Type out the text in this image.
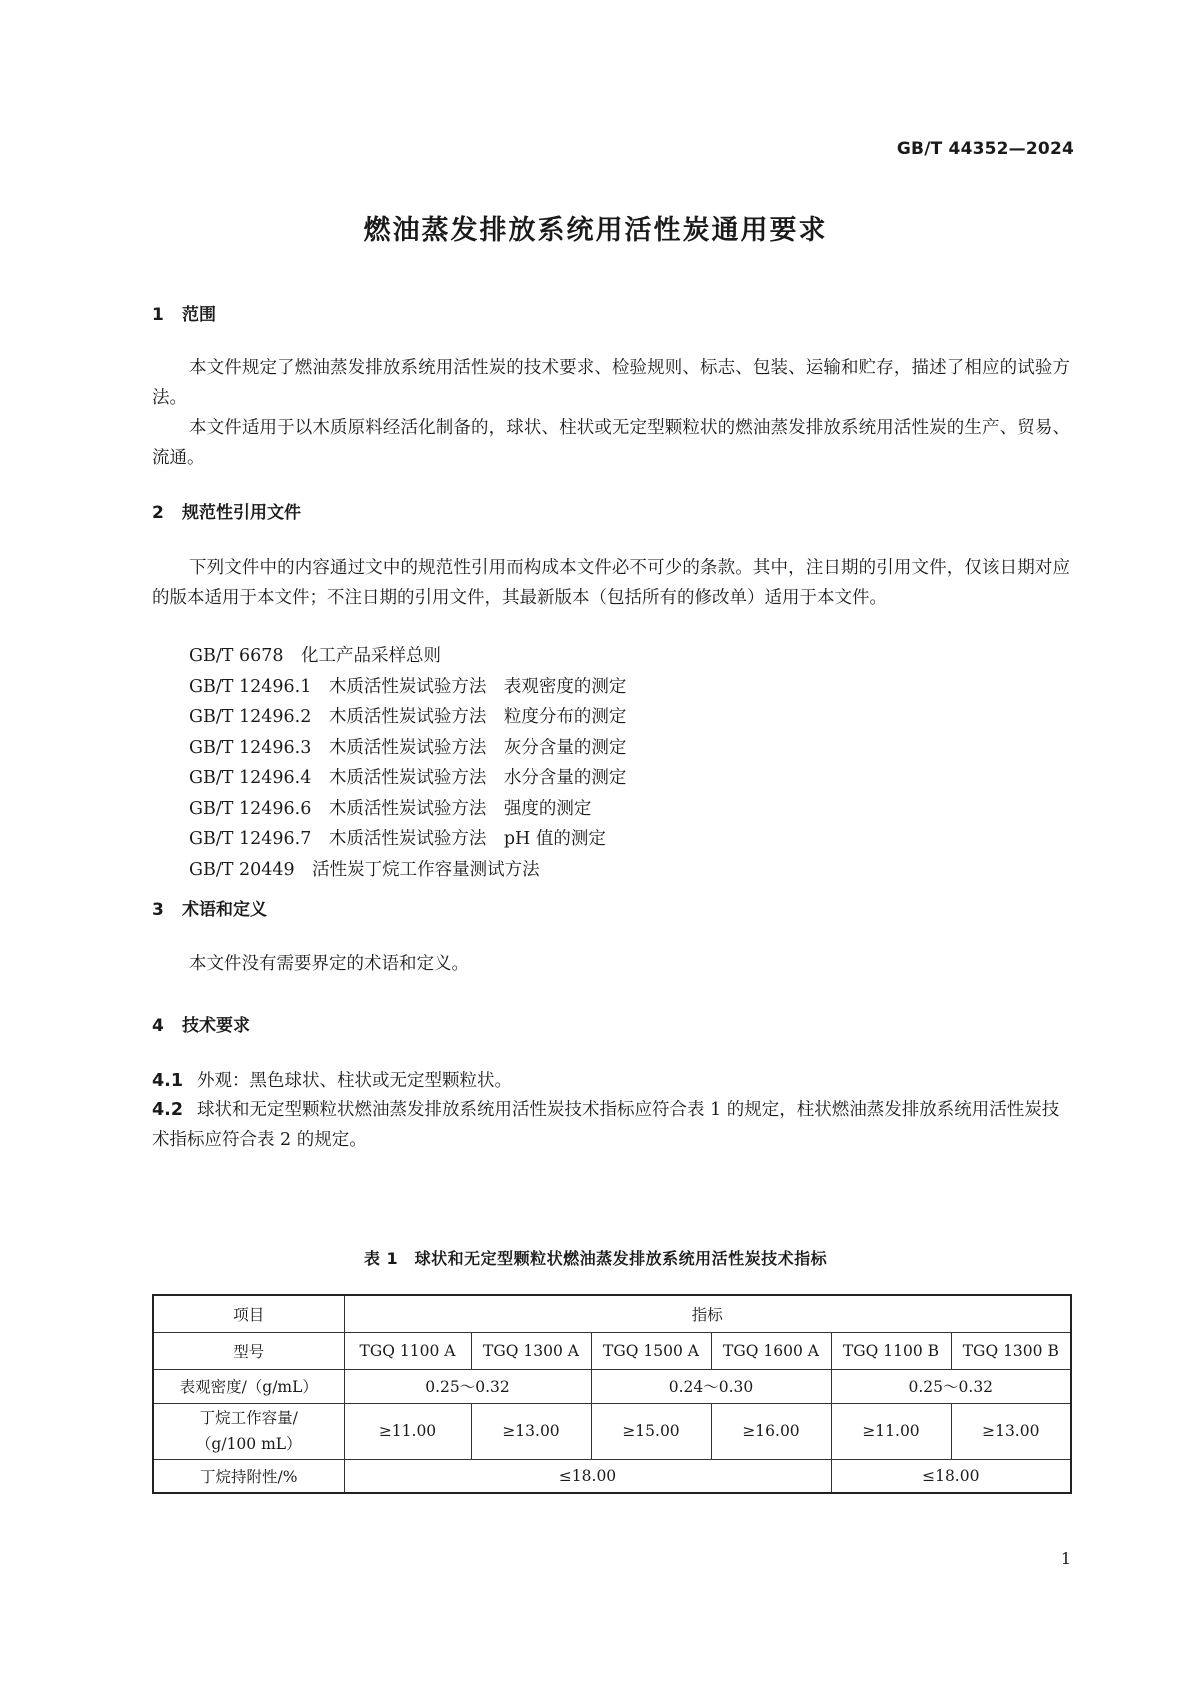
GB/T 44352—2024
燃油蒸发排放系统用活性炭通用要求
1 范围

本文件规定了燃油蒸发排放系统用活性炭的技术要求、检验规则、标志、包装、运输和贮存，描述了相应的试验方法。

本文件适用于以木质原料经活化制备的，球状、柱状或无定型颗粒状的燃油蒸发排放系统用活性炭的生产、贸易、流通。

2 规范性引用文件

下列文件中的内容通过文中的规范性引用而构成本文件必不可少的条款。其中，注日期的引用文件，仅该日期对应的版本适用于本文件；不注日期的引用文件，其最新版本（包括所有的修改单）适用于本文件。

GB/T 6678　化工产品采样总则
GB/T 12496.1　木质活性炭试验方法　表观密度的测定
GB/T 12496.2　木质活性炭试验方法　粒度分布的测定
GB/T 12496.3　木质活性炭试验方法　灰分含量的测定
GB/T 12496.4　木质活性炭试验方法　水分含量的测定
GB/T 12496.6　木质活性炭试验方法　强度的测定
GB/T 12496.7　木质活性炭试验方法　pH 值的测定
GB/T 20449　活性炭丁烷工作容量测试方法
3 术语和定义

本文件没有需要界定的术语和定义。

4 技术要求
4.1 外观：黑色球状、柱状或无定型颗粒状。
4.2 球状和无定型颗粒状燃油蒸发排放系统用活性炭技术指标应符合表 1 的规定，柱状燃油蒸发排放系统用活性炭技术指标应符合表 2 的规定。
表 1　球状和无定型颗粒状燃油蒸发排放系统用活性炭技术指标
项目	指标					
型号	TGQ 1100 A	TGQ 1300 A	TGQ 1500 A	TGQ 1600 A	TGQ 1100 B	TGQ 1300 B
表观密度/（g/mL）	0.25～0.32		0.24～0.30		0.25～0.32	

丁烷工作容量/
（g/100 mL）	≥11.00	≥13.00	≥15.00	≥16.00	≥11.00	≥13.00
丁烷持附性/%	≤18.00				≤18.00	
1
